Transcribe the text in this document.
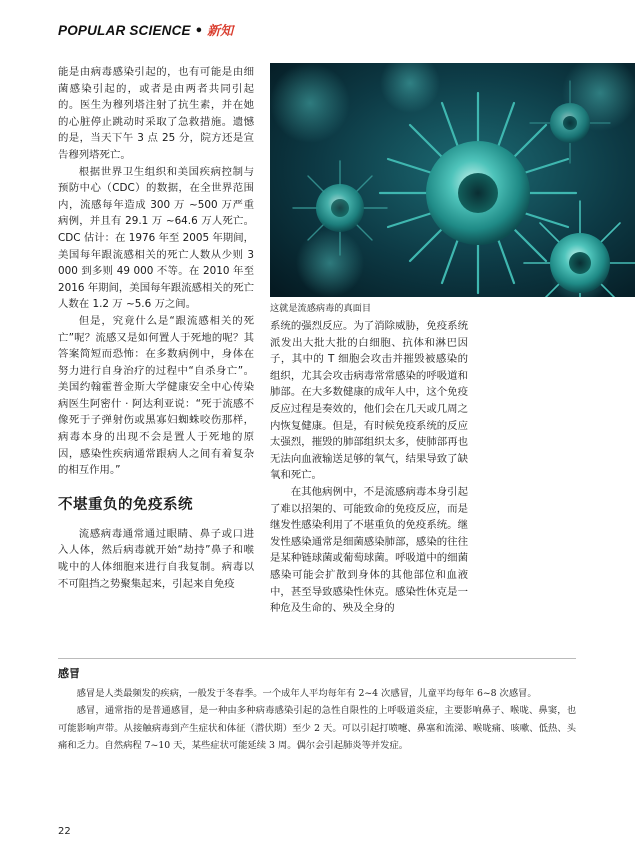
POPULAR SCIENCE • 新知

能是由病毒感染引起的，也有可能是由细菌感染引起的，或者是由两者共同引起的。医生为穆列塔注射了抗生素，并在她的心脏停止跳动时采取了急救措施。遗憾的是，当天下午 3 点 25 分，院方还是宣告穆列塔死亡。

根据世界卫生组织和美国疾病控制与预防中心（CDC）的数据，在全世界范围内，流感每年造成 300 万 ~500 万严重病例，并且有 29.1 万 ~64.6 万人死亡。CDC 估计：在 1976 年至 2005 年期间，美国每年跟流感相关的死亡人数从少则 3 000 到多则 49 000 不等。在 2010 年至 2016 年期间，美国每年跟流感相关的死亡人数在 1.2 万 ~5.6 万之间。

但是，究竟什么是“跟流感相关的死亡”呢？流感又是如何置人于死地的呢？其答案简短而恐怖：在多数病例中，身体在努力进行自身治疗的过程中“自杀身亡”。美国约翰霍普金斯大学健康安全中心传染病医生阿密什 · 阿达利亚说：“死于流感不像死于子弹射伤或黑寡妇蜘蛛咬伤那样，病毒本身的出现不会是置人于死地的原因，感染性疾病通常跟病人之间有着复杂的相互作用。”

不堪重负的免疫系统

流感病毒通常通过眼睛、鼻子或口进入人体，然后病毒就开始“劫持”鼻子和喉咙中的人体细胞来进行自我复制。病毒以不可阻挡之势聚集起来，引起来自免疫

这就是流感病毒的真面目

系统的强烈反应。为了消除威胁，免疫系统派发出大批大批的白细胞、抗体和淋巴因子，其中的 T 细胞会攻击并摧毁被感染的组织，尤其会攻击病毒常常感染的呼吸道和肺部。在大多数健康的成年人中，这个免疫反应过程是奏效的，他们会在几天或几周之内恢复健康。但是，有时候免疫系统的反应太强烈，摧毁的肺部组织太多，使肺部再也无法向血液输送足够的氧气，结果导致了缺氧和死亡。

在其他病例中，不是流感病毒本身引起了难以招架的、可能致命的免疫反应，而是继发性感染利用了不堪重负的免疫系统。继发性感染通常是细菌感染肺部，感染的往往是某种链球菌或葡萄球菌。呼吸道中的细菌感染可能会扩散到身体的其他部位和血液中，甚至导致感染性休克。感染性休克是一种危及生命的、殃及全身的

感冒

感冒是人类最频发的疾病，一般发于冬春季。一个成年人平均每年有 2~4 次感冒，儿童平均每年 6~8 次感冒。

感冒，通常指的是普通感冒，是一种由多种病毒感染引起的急性自限性的上呼吸道炎症，主要影响鼻子、喉咙、鼻窦，也可能影响声带。从接触病毒到产生症状和体征（潜伏期）至少 2 天。可以引起打喷嚏、鼻塞和流涕、喉咙痛、咳嗽、低热、头痛和乏力。自然病程 7~10 天，某些症状可能延续 3 周。偶尔会引起肺炎等并发症。

22
